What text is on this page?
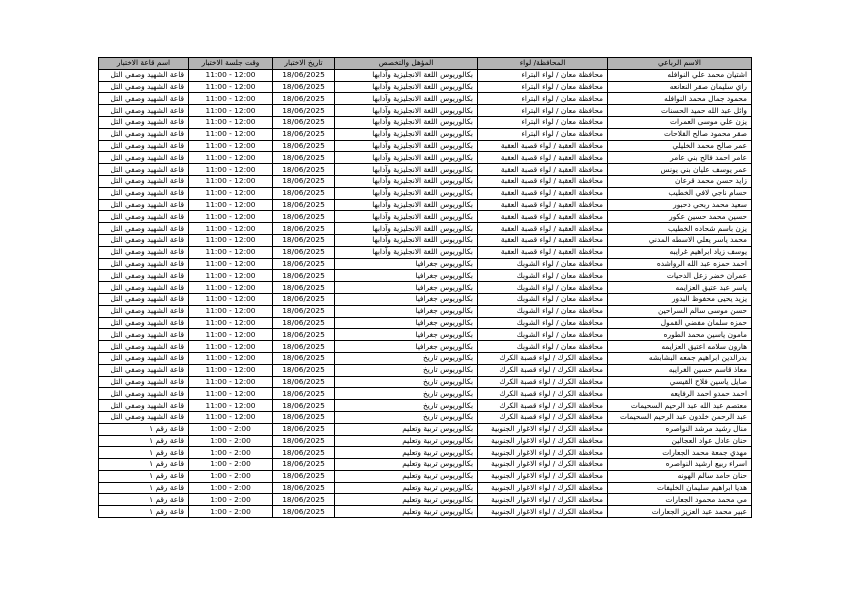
الاسم الرباعي	المحافظة/ لواء	المؤهل والتخصص	تاريخ الاختبار	وقت جلسة الاختبار	اسم قاعة الاختبار
اشتيان محمد علي النوافله	محافظة معان / لواء البتراء	بكالوريوس اللغة الانجليزية وآدابها	18/06/2025	11:00 - 12:00	قاعة الشهيد وصفي التل
راي سليمان صقر النعانعه	محافظة معان / لواء البتراء	بكالوريوس اللغة الانجليزية وآدابها	18/06/2025	11:00 - 12:00	قاعة الشهيد وصفي التل
محمود جمال محمد النوافله	محافظة معان / لواء البتراء	بكالوريوس اللغة الانجليزية وآدابها	18/06/2025	11:00 - 12:00	قاعة الشهيد وصفي التل
وائل عبد الله حميد الحسنات	محافظة معان / لواء البتراء	بكالوريوس اللغة الانجليزية وآدابها	18/06/2025	11:00 - 12:00	قاعة الشهيد وصفي التل
يزن علي موسى العمرات	محافظة معان / لواء البتراء	بكالوريوس اللغة الانجليزية وآدابها	18/06/2025	11:00 - 12:00	قاعة الشهيد وصفي التل
صقر محمود صالح الفلاحات	محافظة معان / لواء البتراء	بكالوريوس اللغة الانجليزية وآدابها	18/06/2025	11:00 - 12:00	قاعة الشهيد وصفي التل
عمر صالح محمد الخليلي	محافظة العقبة / لواء قصبة العقبة	بكالوريوس اللغة الانجليزية وآدابها	18/06/2025	11:00 - 12:00	قاعة الشهيد وصفي التل
عامر احمد فالح بني عامر	محافظة العقبة / لواء قصبة العقبة	بكالوريوس اللغة الانجليزية وآدابها	18/06/2025	11:00 - 12:00	قاعة الشهيد وصفي التل
عمر يوسف عليان بني يونس	محافظة العقبة / لواء قصبة العقبة	بكالوريوس اللغة الانجليزية وآدابها	18/06/2025	11:00 - 12:00	قاعة الشهيد وصفي التل
زايد حسن محمد قرعان	محافظة العقبة / لواء قصبة العقبة	بكالوريوس اللغة الانجليزية وآدابها	18/06/2025	11:00 - 12:00	قاعة الشهيد وصفي التل
حسام ناجي لافي الخطيب	محافظة العقبة / لواء قصبة العقبة	بكالوريوس اللغة الانجليزية وآدابها	18/06/2025	11:00 - 12:00	قاعة الشهيد وصفي التل
سعيد محمد ربحي دحبور	محافظة العقبة / لواء قصبة العقبة	بكالوريوس اللغة الانجليزية وآدابها	18/06/2025	11:00 - 12:00	قاعة الشهيد وصفي التل
حسين محمد حسين عكور	محافظة العقبة / لواء قصبة العقبة	بكالوريوس اللغة الانجليزية وآدابها	18/06/2025	11:00 - 12:00	قاعة الشهيد وصفي التل
يزن باسم شحاده الخطيب	محافظة العقبة / لواء قصبة العقبة	بكالوريوس اللغة الانجليزية وآدابها	18/06/2025	11:00 - 12:00	قاعة الشهيد وصفي التل
محمد ياسر يعلي الاسطه المدني	محافظة العقبة / لواء قصبة العقبة	بكالوريوس اللغة الانجليزية وآدابها	18/06/2025	11:00 - 12:00	قاعة الشهيد وصفي التل
يوسف زياد ابراهيم غرايبه	محافظة العقبة / لواء قصبة العقبة	بكالوريوس اللغة الانجليزية وآدابها	18/06/2025	11:00 - 12:00	قاعة الشهيد وصفي التل
احمد حمزه عبد الله الرواشده	محافظة معان / لواء الشوبك	بكالوريوس جغرافيا	18/06/2025	11:00 - 12:00	قاعة الشهيد وصفي التل
عمران خضر زعل الدحيات	محافظة معان / لواء الشوبك	بكالوريوس جغرافيا	18/06/2025	11:00 - 12:00	قاعة الشهيد وصفي التل
ياسر عبد عتيق العزايمه	محافظة معان / لواء الشوبك	بكالوريوس جغرافيا	18/06/2025	11:00 - 12:00	قاعة الشهيد وصفي التل
يزيد يحيى محفوظ البدور	محافظة معان / لواء الشوبك	بكالوريوس جغرافيا	18/06/2025	11:00 - 12:00	قاعة الشهيد وصفي التل
حسن موسى سالم السراحين	محافظة معان / لواء الشوبك	بكالوريوس جغرافيا	18/06/2025	11:00 - 12:00	قاعة الشهيد وصفي التل
حمزه سلمان مفضي القمول	محافظة معان / لواء الشوبك	بكالوريوس جغرافيا	18/06/2025	11:00 - 12:00	قاعة الشهيد وصفي التل
مامون ياسين محمد الطوره	محافظة معان / لواء الشوبك	بكالوريوس جغرافيا	18/06/2025	11:00 - 12:00	قاعة الشهيد وصفي التل
هارون سلامه اعتيق العزايمه	محافظة معان / لواء الشوبك	بكالوريوس جغرافيا	18/06/2025	11:00 - 12:00	قاعة الشهيد وصفي التل
بدرالدين ابراهيم جمعه البشابشه	محافظة الكرك / لواء قصبة الكرك	بكالوريوس تاريخ	18/06/2025	11:00 - 12:00	قاعة الشهيد وصفي التل
معاذ قاسم حسين الغرايبه	محافظة الكرك / لواء قصبة الكرك	بكالوريوس تاريخ	18/06/2025	11:00 - 12:00	قاعة الشهيد وصفي التل
صايل ياسين فلاح القيسي	محافظة الكرك / لواء قصبة الكرك	بكالوريوس تاريخ	18/06/2025	11:00 - 12:00	قاعة الشهيد وصفي التل
احمد حمدو احمد الرفايعه	محافظة الكرك / لواء قصبة الكرك	بكالوريوس تاريخ	18/06/2025	11:00 - 12:00	قاعة الشهيد وصفي التل
معتصم عبد الله عبد الرحيم السحيمات	محافظة الكرك / لواء قصبة الكرك	بكالوريوس تاريخ	18/06/2025	11:00 - 12:00	قاعة الشهيد وصفي التل
عبد الرحمن خلدون عبد الرحيم السحيمات	محافظة الكرك / لواء قصبة الكرك	بكالوريوس تاريخ	18/06/2025	11:00 - 12:00	قاعة الشهيد وصفي التل
منال رشيد مرشد النواصره	محافظة الكرك / لواء الاغوار الجنوبية	بكالوريوس تربية وتعليم	18/06/2025	1:00 - 2:00	قاعة رقم ١
حنان عادل عواد العجالين	محافظة الكرك / لواء الاغوار الجنوبية	بكالوريوس تربية وتعليم	18/06/2025	1:00 - 2:00	قاعة رقم ١
مهدي جمعة محمد الجعارات	محافظة الكرك / لواء الاغوار الجنوبية	بكالوريوس تربية وتعليم	18/06/2025	1:00 - 2:00	قاعة رقم ١
اسراء ربيع ارشيد النواصره	محافظة الكرك / لواء الاغوار الجنوبية	بكالوريوس تربية وتعليم	18/06/2025	1:00 - 2:00	قاعة رقم ١
حنان حامد سالم الهونه	محافظة الكرك / لواء الاغوار الجنوبية	بكالوريوس تربية وتعليم	18/06/2025	1:00 - 2:00	قاعة رقم ١
هديا ابراهيم سليمان الخليفات	محافظة الكرك / لواء الاغوار الجنوبية	بكالوريوس تربية وتعليم	18/06/2025	1:00 - 2:00	قاعة رقم ١
مي محمد محمود الجعارات	محافظة الكرك / لواء الاغوار الجنوبية	بكالوريوس تربية وتعليم	18/06/2025	1:00 - 2:00	قاعة رقم ١
عبير محمد عبد العزيز الجعارات	محافظة الكرك / لواء الاغوار الجنوبية	بكالوريوس تربية وتعليم	18/06/2025	1:00 - 2:00	قاعة رقم ١
